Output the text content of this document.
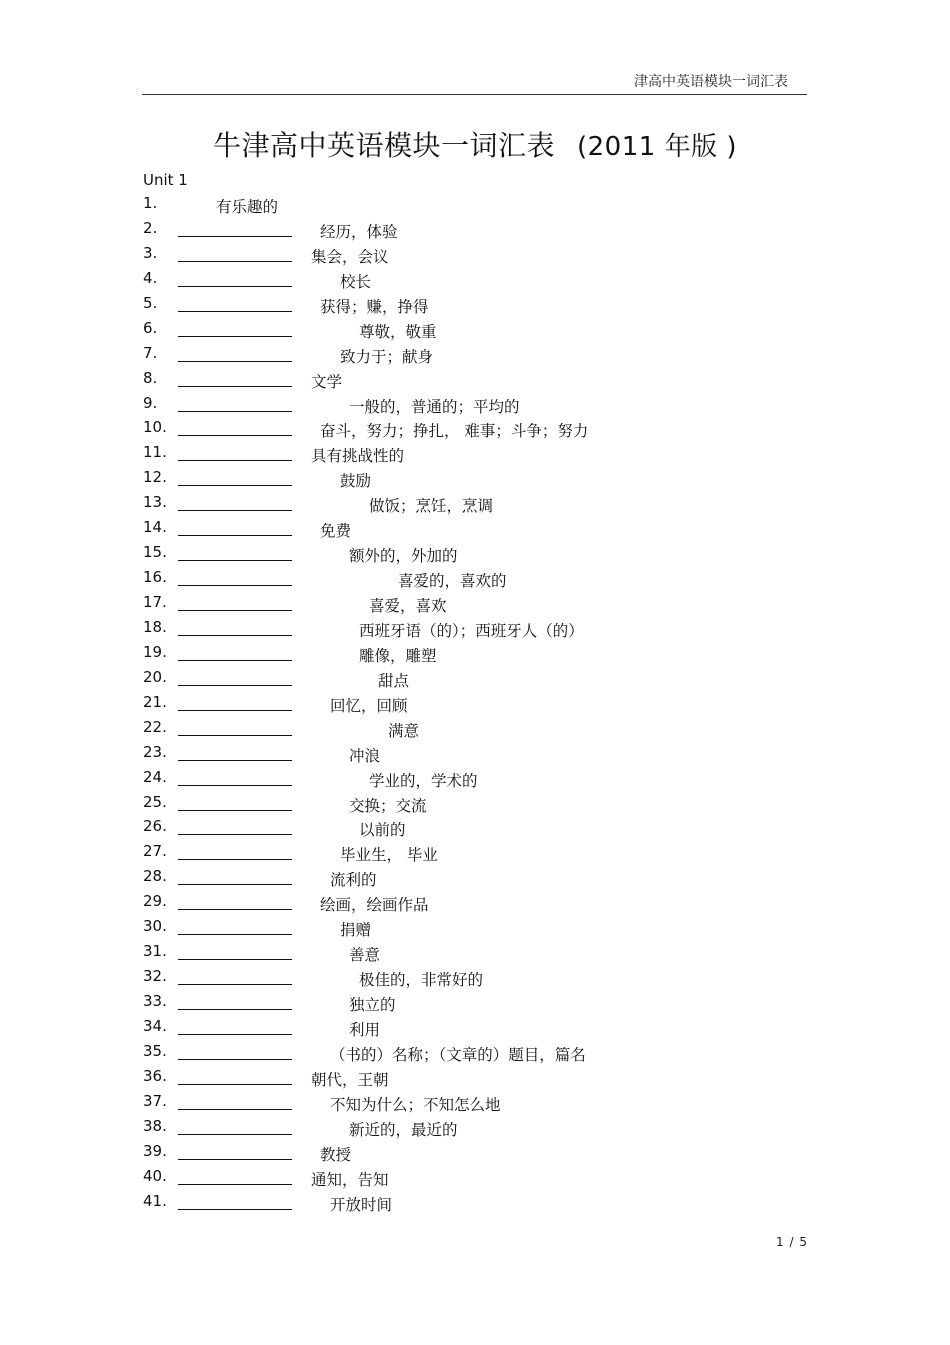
津高中英语模块一词汇表
牛津高中英语模块一词汇表 (2011 年版 )
Unit 1
1.	有乐趣的
2.	经历，体验
3.	集会，会议
4.	校长
5.	获得；赚，挣得
6.	尊敬，敬重
7.	致力于；献身
8.	文学
9.	一般的，普通的；平均的
10.	奋斗，努力；挣扎， 难事；斗争；努力
11.	具有挑战性的
12.	鼓励
13.	做饭；烹饪，烹调
14.	免费
15.	额外的，外加的
16.	喜爱的，喜欢的
17.	喜爱，喜欢
18.	西班牙语（的）；西班牙人（的）
19.	雕像，雕塑
20.	甜点
21.	回忆，回顾
22.	满意
23.	冲浪
24.	学业的，学术的
25.	交换；交流
26.	以前的
27.	毕业生， 毕业
28.	流利的
29.	绘画，绘画作品
30.	捐赠
31.	善意
32.	极佳的，非常好的
33.	独立的
34.	利用
35.	（书的）名称；（文章的）题目，篇名
36.	朝代，王朝
37.	不知为什么；不知怎么地
38.	新近的，最近的
39.	教授
40.	通知，告知
41.	开放时间
1 / 5
